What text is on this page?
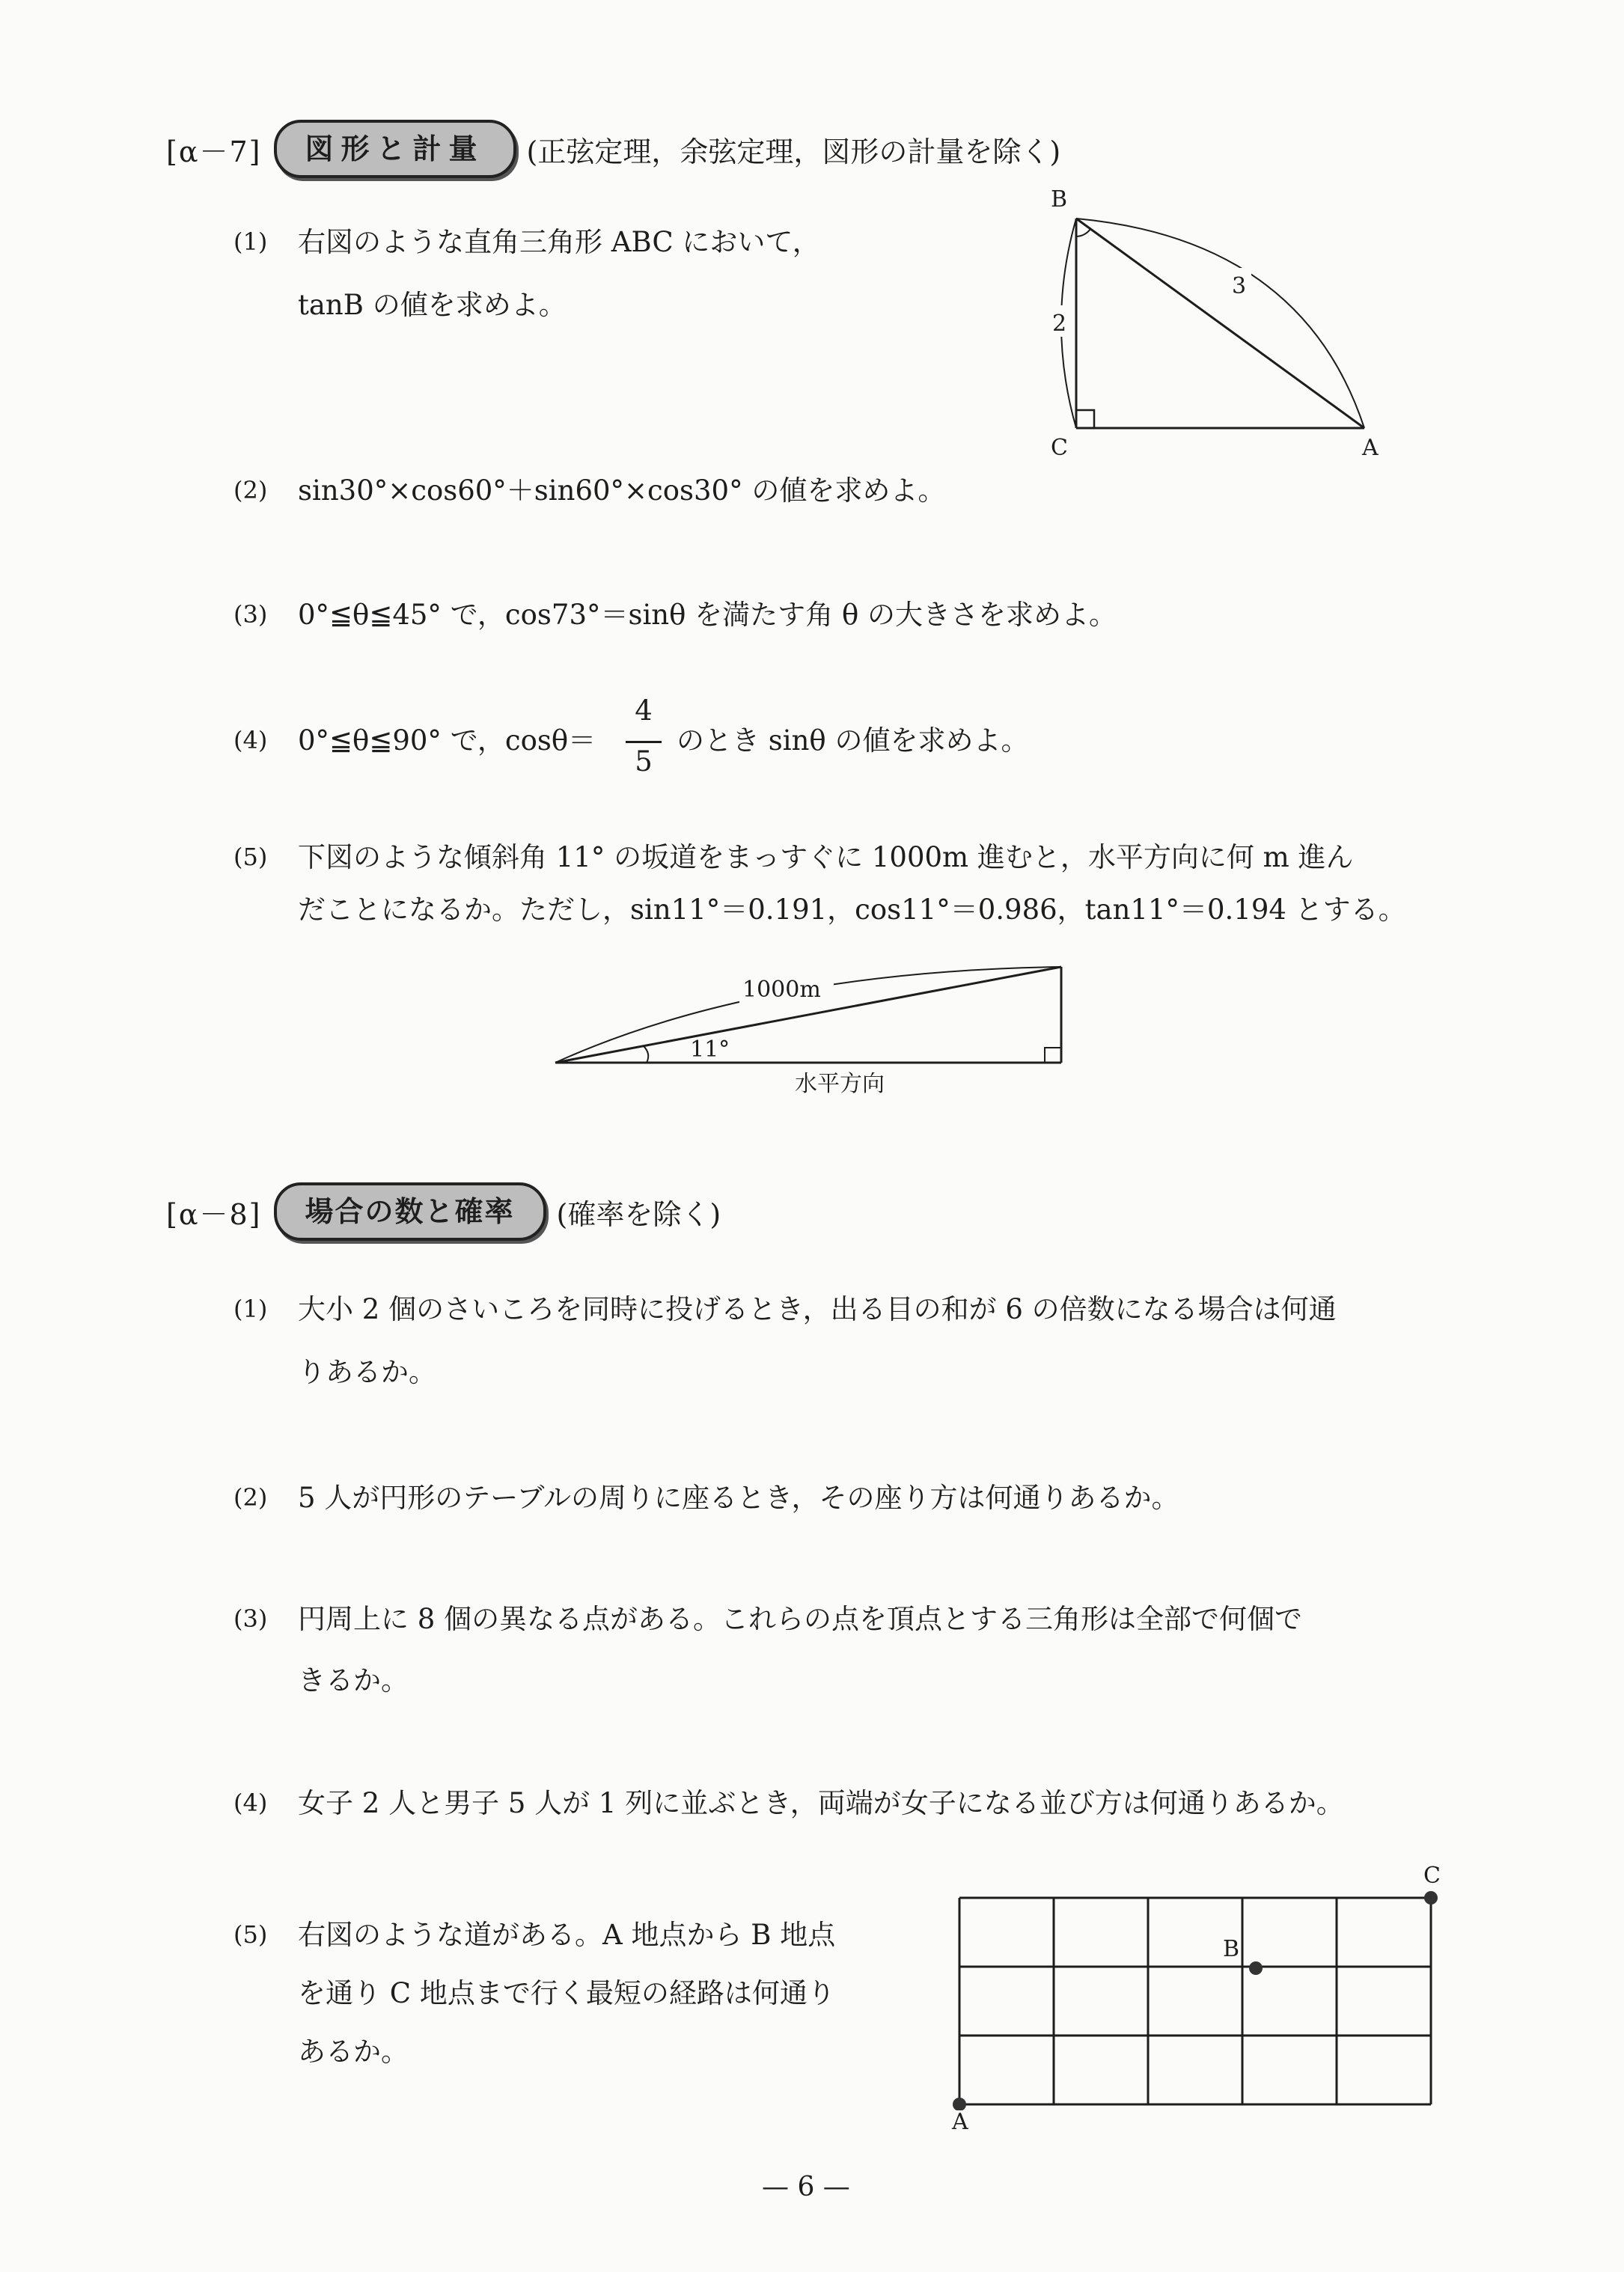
[α－7]	図形と計量	(正弦定理，余弦定理，図形の計量を除く)
(1) 右図のような直角三角形 ABC において，
tanB の値を求めよ。
2
3
B
C	A
(2) sin30°×cos60°＋sin60°×cos30° の値を求めよ。
(3) 0°≦θ≦45° で，cos73°＝sinθ を満たす角 θ の大きさを求めよ。
(4) 0°≦θ≦90° で，cosθ＝
4
5
のとき sinθ の値を求めよ。
(5) 下図のような傾斜角 11° の坂道をまっすぐに 1000m 進むと，水平方向に何 m 進ん
だことになるか。ただし，sin11°＝0.191，cos11°＝0.986，tan11°＝0.194 とする。
1000m
11°
水平方向
[α－8]	場合の数と確率	(確率を除く)
(1) 大小 2 個のさいころを同時に投げるとき，出る目の和が 6 の倍数になる場合は何通
りあるか。
(2) 5 人が円形のテーブルの周りに座るとき，その座り方は何通りあるか。
(3) 円周上に 8 個の異なる点がある。これらの点を頂点とする三角形は全部で何個で
きるか。
(4) 女子 2 人と男子 5 人が 1 列に並ぶとき，両端が女子になる並び方は何通りあるか。
(5) 右図のような道がある。A 地点から B 地点
を通り C 地点まで行く最短の経路は何通り
あるか。
C
B
A
— 6 —
